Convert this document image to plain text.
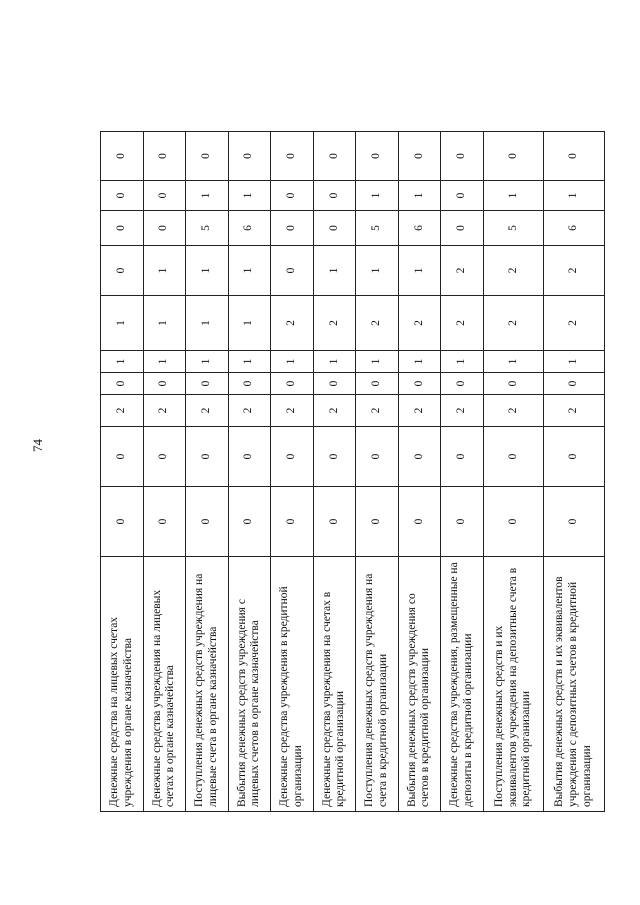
74
Денежные средства на лицевых счетах учреждения в органе казначейства	0	0	2	0	1	1	0	0	0	0
Денежные средства учреждения на лицевых счетах в органе казначейства	0	0	2	0	1	1	1	0	0	0
Поступления денежных средств учреждения на лицевые счета в органе казначейства	0	0	2	0	1	1	1	5	1	0
Выбытия денежных средств учреждения с лицевых счетов в органе казначейства	0	0	2	0	1	1	1	6	1	0
Денежные средства учреждения в кредитной организации	0	0	2	0	1	2	0	0	0	0
Денежные средства учреждения на счетах в кредитной организации	0	0	2	0	1	2	1	0	0	0
Поступления денежных средств учреждения на счета в кредитной организации	0	0	2	0	1	2	1	5	1	0
Выбытия денежных средств учреждения со счетов в кредитной организации	0	0	2	0	1	2	1	6	1	0
Денежные средства учреждения, размещенные на депозиты в кредитной организации	0	0	2	0	1	2	2	0	0	0
Поступления денежных средств и их эквивалентов учреждения на депозитные счета в кредитной организации	0	0	2	0	1	2	2	5	1	0
Выбытия денежных средств и их эквивалентов учреждения с депозитных счетов в кредитной организации	0	0	2	0	1	2	2	6	1	0
